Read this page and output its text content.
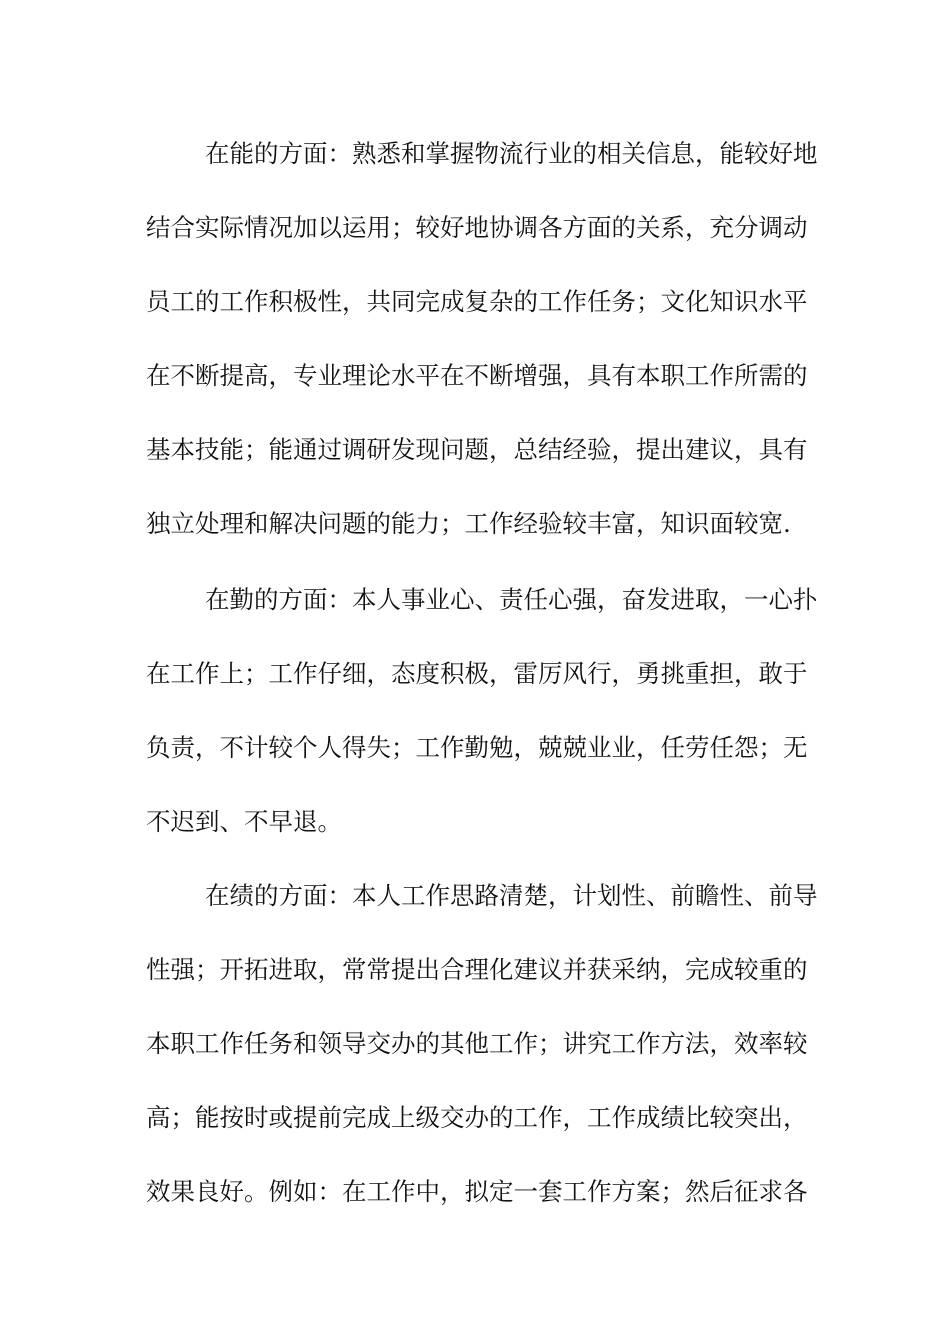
在能的方面：熟悉和掌握物流行业的相关信息，能较好地
结合实际情况加以运用；较好地协调各方面的关系，充分调动
员工的工作积极性，共同完成复杂的工作任务；文化知识水平
在不断提高，专业理论水平在不断增强，具有本职工作所需的
基本技能；能通过调研发现问题，总结经验，提出建议，具有
独立处理和解决问题的能力；工作经验较丰富，知识面较宽.
在勤的方面：本人事业心、责任心强，奋发进取，一心扑
在工作上；工作仔细，态度积极，雷厉风行，勇挑重担，敢于
负责，不计较个人得失；工作勤勉，兢兢业业，任劳任怨；无
不迟到、不早退。
在绩的方面：本人工作思路清楚，计划性、前瞻性、前导
性强；开拓进取，常常提出合理化建议并获采纳，完成较重的
本职工作任务和领导交办的其他工作；讲究工作方法，效率较
高；能按时或提前完成上级交办的工作，工作成绩比较突出，
效果良好。例如：在工作中，拟定一套工作方案；然后征求各
